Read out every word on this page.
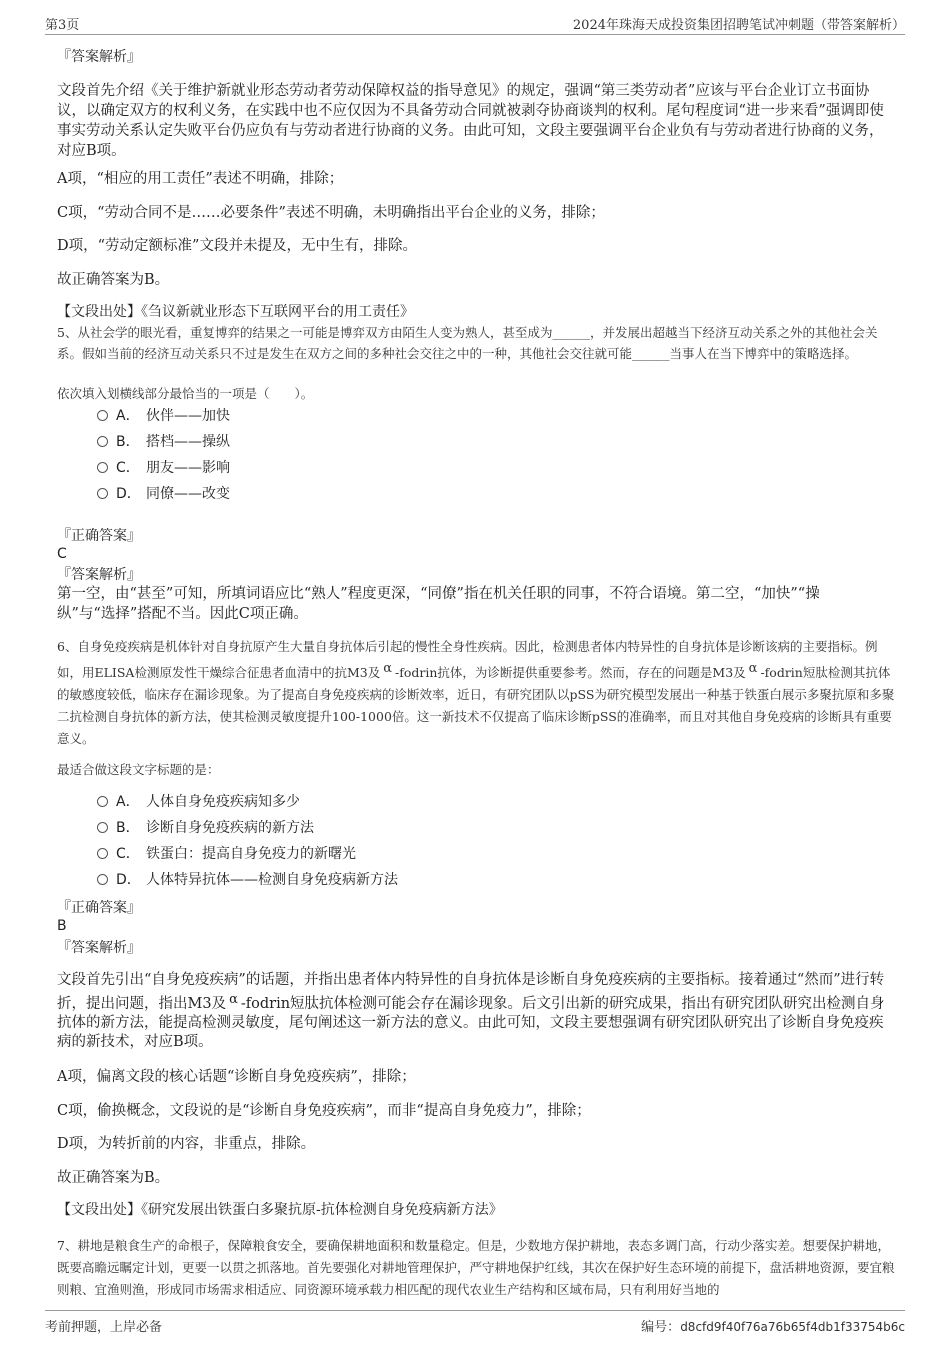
第3页	2024年珠海天成投资集团招聘笔试冲刺题（带答案解析）
『答案解析』
文段首先介绍《关于维护新就业形态劳动者劳动保障权益的指导意见》的规定，强调“第三类劳动者”应该与平台企业订立书面协议，以确定双方的权利义务，在实践中也不应仅因为不具备劳动合同就被剥夺协商谈判的权利。尾句程度词“进一步来看”强调即使事实劳动关系认定失败平台仍应负有与劳动者进行协商的义务。由此可知，文段主要强调平台企业负有与劳动者进行协商的义务，对应B项。
A项，“相应的用工责任”表述不明确，排除；
C项，“劳动合同不是……必要条件”表述不明确，未明确指出平台企业的义务，排除；
D项，“劳动定额标准”文段并未提及，无中生有，排除。
故正确答案为B。
【文段出处】《刍议新就业形态下互联网平台的用工责任》
5、从社会学的眼光看，重复博弈的结果之一可能是博弈双方由陌生人变为熟人，甚至成为______，并发展出超越当下经济互动关系之外的其他社会关系。假如当前的经济互动关系只不过是发生在双方之间的多种社会交往之中的一种，其他社会交往就可能______当事人在当下博弈中的策略选择。
依次填入划横线部分最恰当的一项是（　　）。
A． 伙伴——加快
B． 搭档——操纵
C． 朋友——影响
D． 同僚——改变
『正确答案』
C
『答案解析』
第一空，由“甚至”可知，所填词语应比“熟人”程度更深，“同僚”指在机关任职的同事，不符合语境。第二空，“加快”“操纵”与“选择”搭配不当。因此C项正确。
6、自身免疫疾病是机体针对自身抗原产生大量自身抗体后引起的慢性全身性疾病。因此，检测患者体内特异性的自身抗体是诊断该病的主要指标。例如，用ELISA检测原发性干燥综合征患者血清中的抗M3及 α -fodrin抗体，为诊断提供重要参考。然而，存在的问题是M3及 α -fodrin短肽检测其抗体的敏感度较低，临床存在漏诊现象。为了提高自身免疫疾病的诊断效率，近日，有研究团队以pSS为研究模型发展出一种基于铁蛋白展示多聚抗原和多聚二抗检测自身抗体的新方法，使其检测灵敏度提升100-1000倍。这一新技术不仅提高了临床诊断pSS的准确率，而且对其他自身免疫病的诊断具有重要意义。
最适合做这段文字标题的是：
A． 人体自身免疫疾病知多少
B． 诊断自身免疫疾病的新方法
C． 铁蛋白：提高自身免疫力的新曙光
D． 人体特异抗体——检测自身免疫病新方法
『正确答案』
B
『答案解析』
文段首先引出“自身免疫疾病”的话题，并指出患者体内特异性的自身抗体是诊断自身免疫疾病的主要指标。接着通过“然而”进行转折，提出问题，指出M3及 α -fodrin短肽抗体检测可能会存在漏诊现象。后文引出新的研究成果，指出有研究团队研究出检测自身抗体的新方法，能提高检测灵敏度，尾句阐述这一新方法的意义。由此可知，文段主要想强调有研究团队研究出了诊断自身免疫疾病的新技术，对应B项。
A项，偏离文段的核心话题“诊断自身免疫疾病”，排除；
C项，偷换概念，文段说的是“诊断自身免疫疾病”，而非“提高自身免疫力”，排除；
D项，为转折前的内容，非重点，排除。
故正确答案为B。
【文段出处】《研究发展出铁蛋白多聚抗原-抗体检测自身免疫病新方法》
7、耕地是粮食生产的命根子，保障粮食安全，要确保耕地面积和数量稳定。但是，少数地方保护耕地，表态多调门高，行动少落实差。想要保护耕地，既要高瞻远瞩定计划，更要一以贯之抓落地。首先要强化对耕地管理保护，严守耕地保护红线，其次在保护好生态环境的前提下，盘活耕地资源，要宜粮则粮、宜渔则渔，形成同市场需求相适应、同资源环境承载力相匹配的现代农业生产结构和区域布局，只有利用好当地的
考前押题，上岸必备	编号：d8cfd9f40f76a76b65f4db1f33754b6c
